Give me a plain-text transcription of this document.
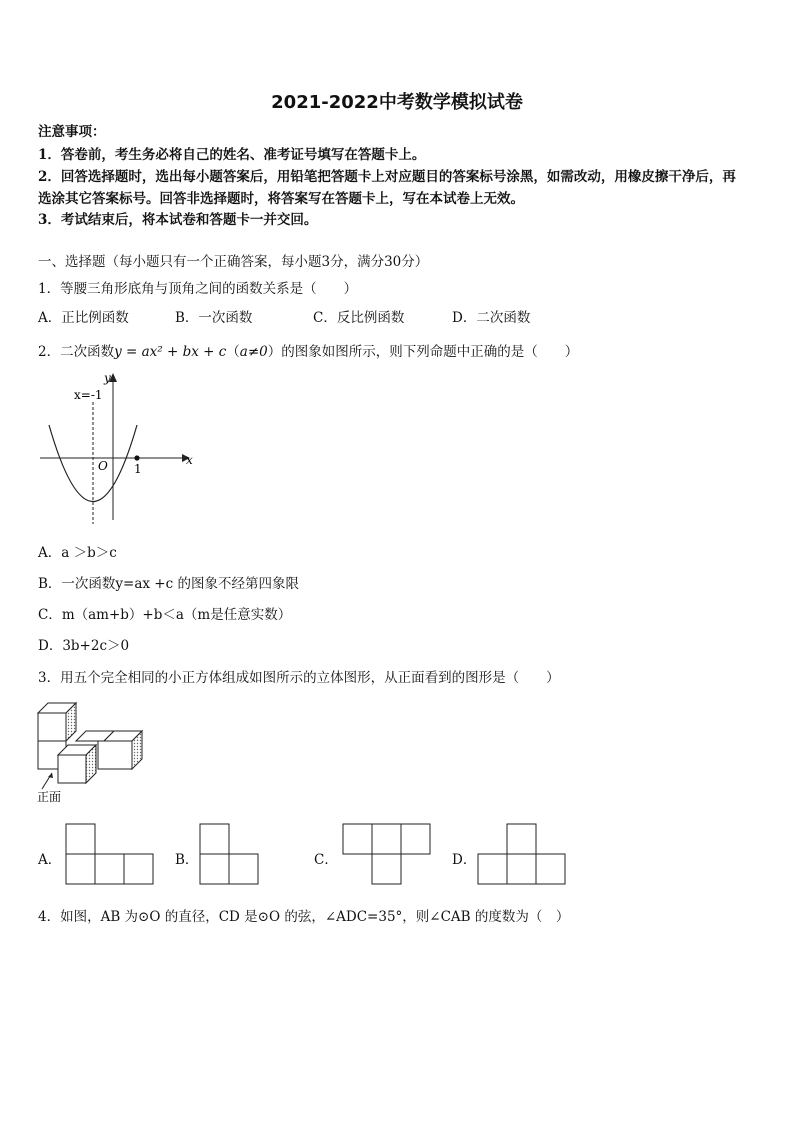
2021-2022中考数学模拟试卷
注意事项：
1．答卷前，考生务必将自己的姓名、准考证号填写在答题卡上。
2．回答选择题时，选出每小题答案后，用铅笔把答题卡上对应题目的答案标号涂黑，如需改动，用橡皮擦干净后，再
选涂其它答案标号。回答非选择题时，将答案写在答题卡上，写在本试卷上无效。
3．考试结束后，将本试卷和答题卡一并交回。
一、选择题（每小题只有一个正确答案，每小题3分，满分30分）
1．等腰三角形底角与顶角之间的函数关系是（　　）
A．正比例函数	B．一次函数	C．反比例函数	D．二次函数
2．二次函数y = ax² + bx + c（a≠0）的图象如图所示，则下列命题中正确的是（　　）
x
y
O
x=-1
1
A．a ＞b＞c
B．一次函数y=ax +c 的图象不经第四象限
C．m（am+b）+b＜a（m是任意实数）
D．3b+2c＞0
3．用五个完全相同的小正方体组成如图所示的立体图形，从正面看到的图形是（　　）
正面
A．	B．	C．	D．
4．如图，AB 为⊙O 的直径，CD 是⊙O 的弦，∠ADC=35°，则∠CAB 的度数为（　）
